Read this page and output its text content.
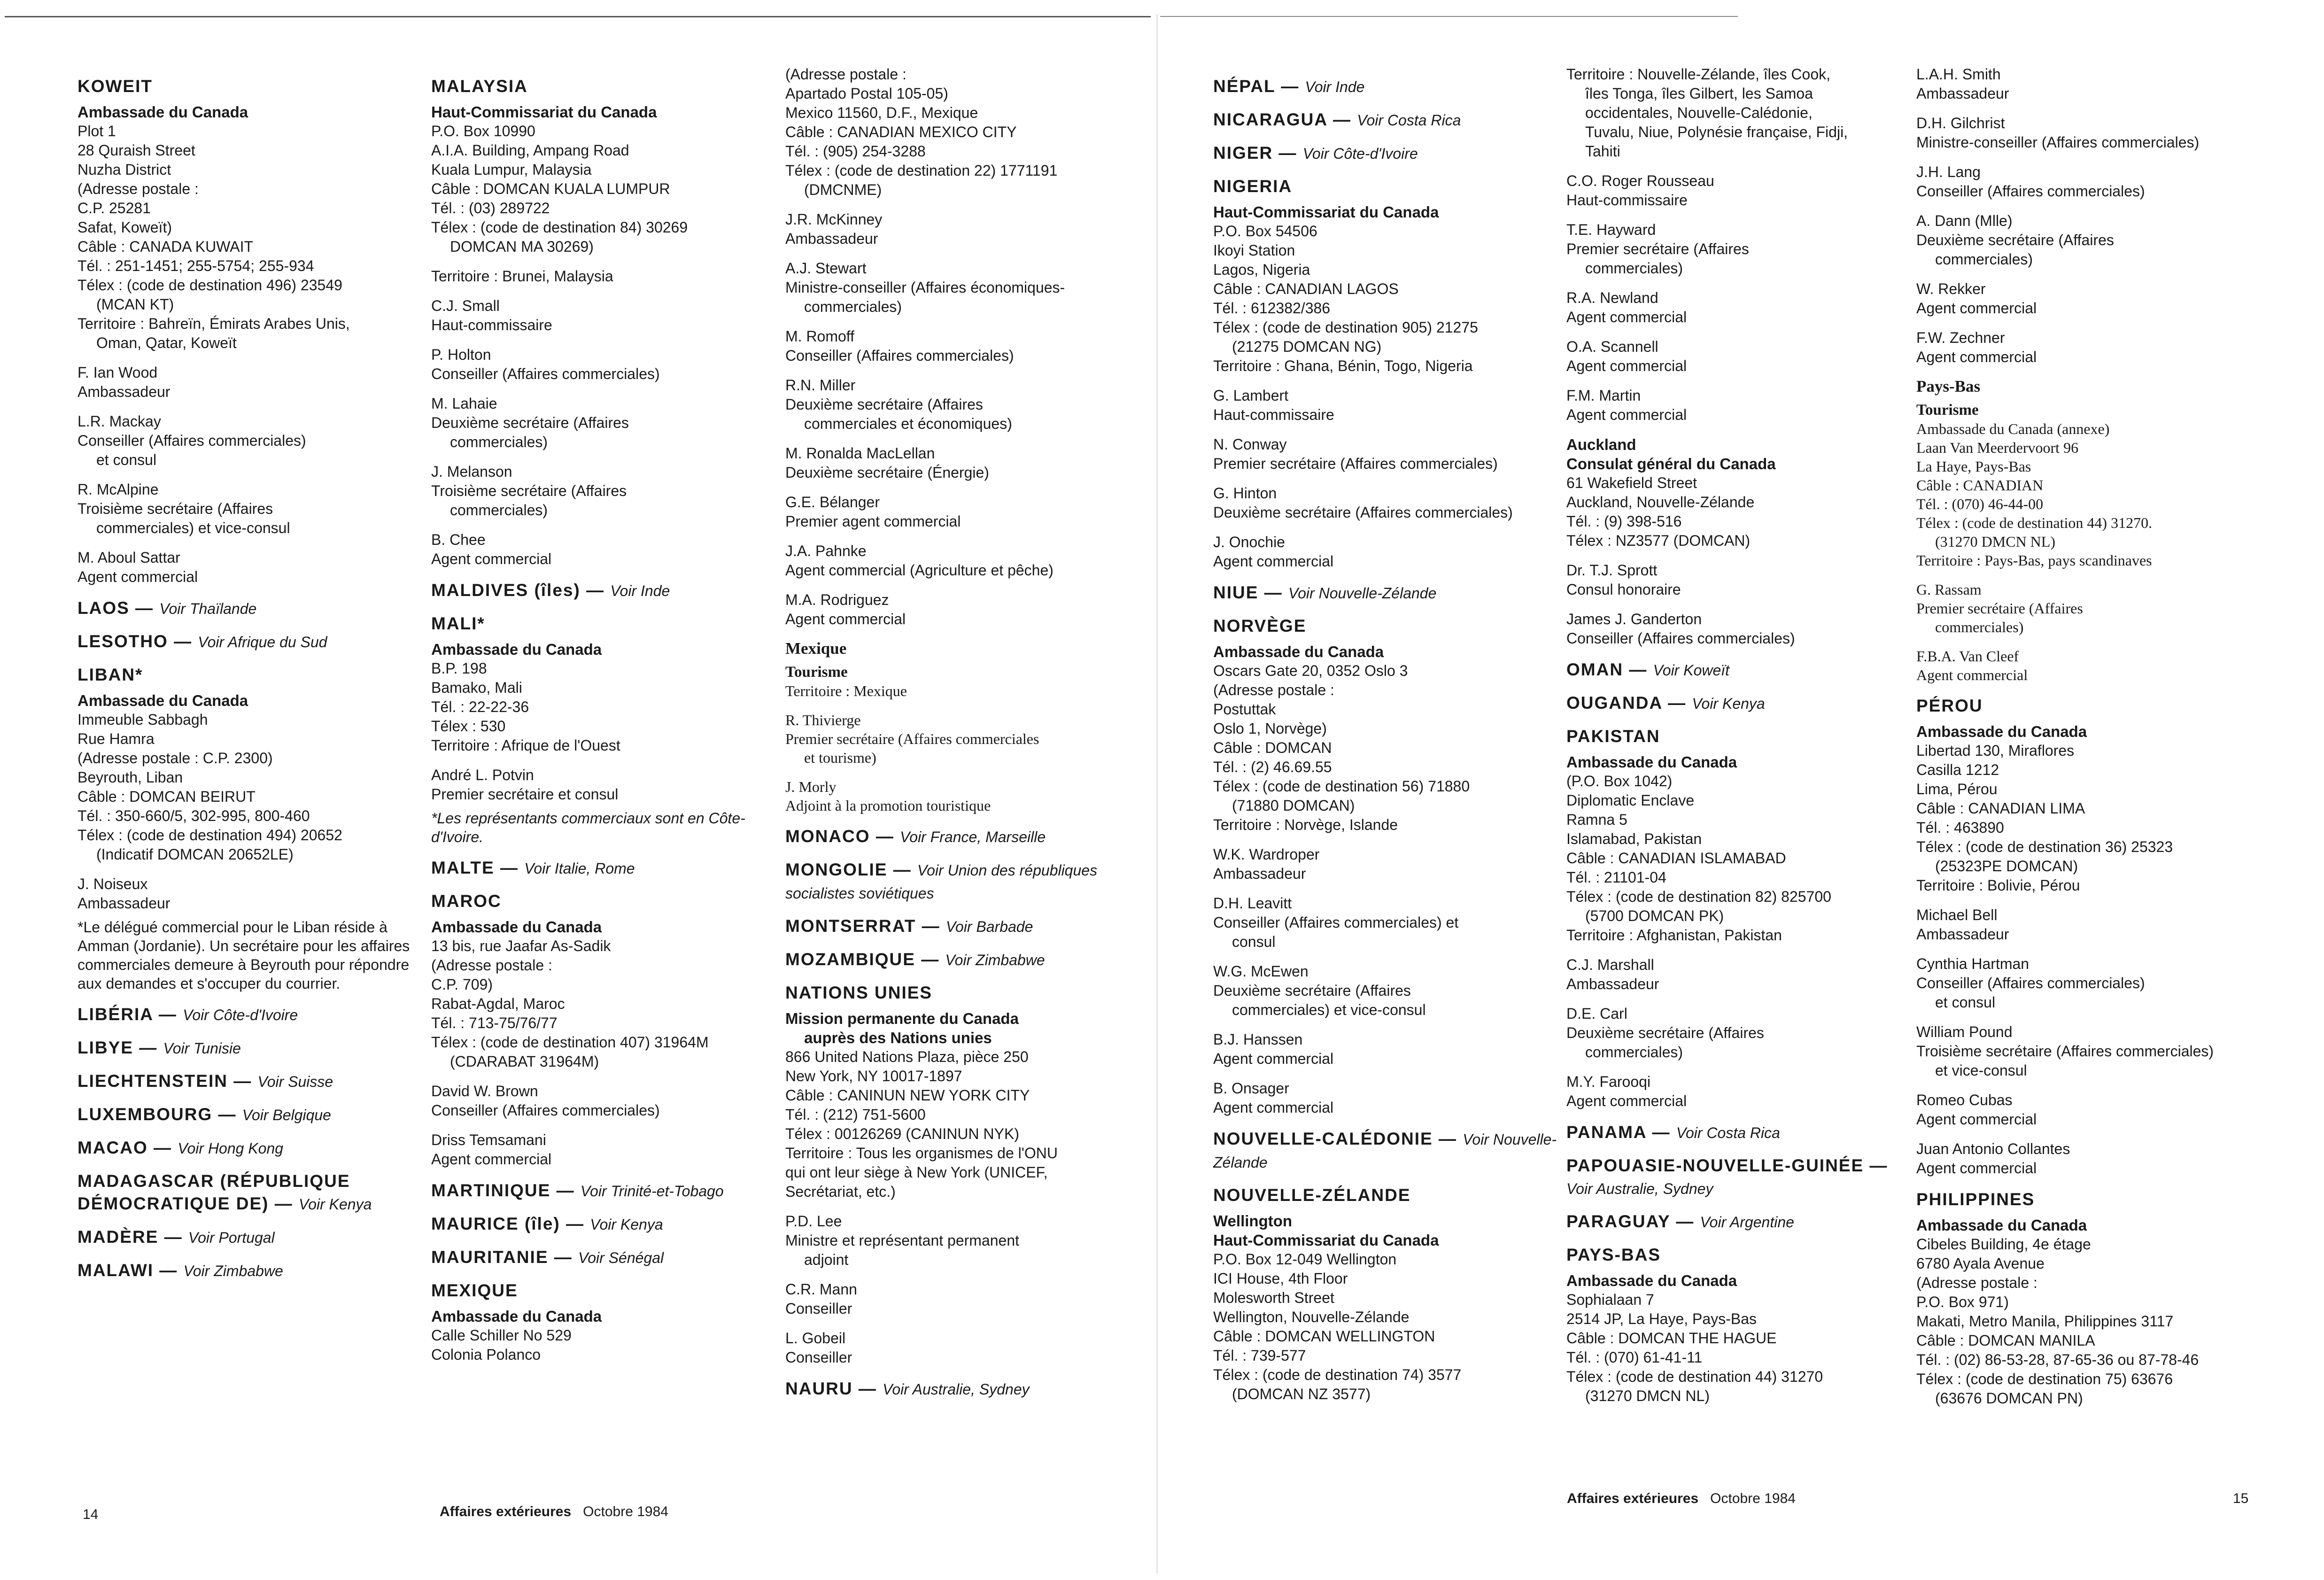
KOWEIT
Ambassade du Canada
Plot 1
28 Quraish Street
Nuzha District
(Adresse postale :
C.P. 25281
Safat, Koweït)
Câble : CANADA KUWAIT
Tél. : 251-1451; 255-5754; 255-934
Télex : (code de destination 496) 23549
(MCAN KT)
Territoire : Bahreïn, Émirats Arabes Unis,
Oman, Qatar, Koweït
F. Ian Wood
Ambassadeur
L.R. Mackay
Conseiller (Affaires commerciales)
et consul
R. McAlpine
Troisième secrétaire (Affaires
commerciales) et vice-consul
M. Aboul Sattar
Agent commercial
LAOS — Voir Thaïlande
LESOTHO — Voir Afrique du Sud
LIBAN*
Ambassade du Canada
Immeuble Sabbagh
Rue Hamra
(Adresse postale : C.P. 2300)
Beyrouth, Liban
Câble : DOMCAN BEIRUT
Tél. : 350-660/5, 302-995, 800-460
Télex : (code de destination 494) 20652
(Indicatif DOMCAN 20652LE)
J. Noiseux
Ambassadeur
*Le délégué commercial pour le Liban réside à Amman (Jordanie). Un secrétaire pour les affaires commerciales demeure à Beyrouth pour répondre aux demandes et s'occuper du courrier.
LIBÉRIA — Voir Côte-d'Ivoire
LIBYE — Voir Tunisie
LIECHTENSTEIN — Voir Suisse
LUXEMBOURG — Voir Belgique
MACAO — Voir Hong Kong
MADAGASCAR (RÉPUBLIQUE DÉMOCRATIQUE DE) — Voir Kenya
MADÈRE — Voir Portugal
MALAWI — Voir Zimbabwe
MALAYSIA
Haut-Commissariat du Canada
P.O. Box 10990
A.I.A. Building, Ampang Road
Kuala Lumpur, Malaysia
Câble : DOMCAN KUALA LUMPUR
Tél. : (03) 289722
Télex : (code de destination 84) 30269
DOMCAN MA 30269)
Territoire : Brunei, Malaysia
C.J. Small
Haut-commissaire
P. Holton
Conseiller (Affaires commerciales)
M. Lahaie
Deuxième secrétaire (Affaires
commerciales)
J. Melanson
Troisième secrétaire (Affaires
commerciales)
B. Chee
Agent commercial
MALDIVES (îles) — Voir Inde
MALI*
Ambassade du Canada
B.P. 198
Bamako, Mali
Tél. : 22-22-36
Télex : 530
Territoire : Afrique de l'Ouest
André L. Potvin
Premier secrétaire et consul
*Les représentants commerciaux sont en Côte-d'Ivoire.
MALTE — Voir Italie, Rome
MAROC
Ambassade du Canada
13 bis, rue Jaafar As-Sadik
(Adresse postale :
C.P. 709)
Rabat-Agdal, Maroc
Tél. : 713-75/76/77
Télex : (code de destination 407) 31964M
(CDARABAT 31964M)
David W. Brown
Conseiller (Affaires commerciales)
Driss Temsamani
Agent commercial
MARTINIQUE — Voir Trinité-et-Tobago
MAURICE (île) — Voir Kenya
MAURITANIE — Voir Sénégal
MEXIQUE
Ambassade du Canada
Calle Schiller No 529
Colonia Polanco
(Adresse postale :
Apartado Postal 105-05)
Mexico 11560, D.F., Mexique
Câble : CANADIAN MEXICO CITY
Tél. : (905) 254-3288
Télex : (code de destination 22) 1771191
(DMCNME)
J.R. McKinney
Ambassadeur
A.J. Stewart
Ministre-conseiller (Affaires économiques-
commerciales)
M. Romoff
Conseiller (Affaires commerciales)
R.N. Miller
Deuxième secrétaire (Affaires
commerciales et économiques)
M. Ronalda MacLellan
Deuxième secrétaire (Énergie)
G.E. Bélanger
Premier agent commercial
J.A. Pahnke
Agent commercial (Agriculture et pêche)
M.A. Rodriguez
Agent commercial
Mexique
Tourisme
Territoire : Mexique
R. Thivierge
Premier secrétaire (Affaires commerciales
et tourisme)
J. Morly
Adjoint à la promotion touristique
MONACO — Voir France, Marseille
MONGOLIE — Voir Union des républiques socialistes soviétiques
MONTSERRAT — Voir Barbade
MOZAMBIQUE — Voir Zimbabwe
NATIONS UNIES
Mission permanente du Canada
auprès des Nations unies
866 United Nations Plaza, pièce 250
New York, NY 10017-1897
Câble : CANINUN NEW YORK CITY
Tél. : (212) 751-5600
Télex : 00126269 (CANINUN NYK)
Territoire : Tous les organismes de l'ONU
qui ont leur siège à New York (UNICEF,
Secrétariat, etc.)
P.D. Lee
Ministre et représentant permanent
adjoint
C.R. Mann
Conseiller
L. Gobeil
Conseiller
NAURU — Voir Australie, Sydney
NÉPAL — Voir Inde
NICARAGUA — Voir Costa Rica
NIGER — Voir Côte-d'Ivoire
NIGERIA
Haut-Commissariat du Canada
P.O. Box 54506
Ikoyi Station
Lagos, Nigeria
Câble : CANADIAN LAGOS
Tél. : 612382/386
Télex : (code de destination 905) 21275
(21275 DOMCAN NG)
Territoire : Ghana, Bénin, Togo, Nigeria
G. Lambert
Haut-commissaire
N. Conway
Premier secrétaire (Affaires commerciales)
G. Hinton
Deuxième secrétaire (Affaires commerciales)
J. Onochie
Agent commercial
NIUE — Voir Nouvelle-Zélande
NORVÈGE
Ambassade du Canada
Oscars Gate 20, 0352 Oslo 3
(Adresse postale :
Postuttak
Oslo 1, Norvège)
Câble : DOMCAN
Tél. : (2) 46.69.55
Télex : (code de destination 56) 71880
(71880 DOMCAN)
Territoire : Norvège, Islande
W.K. Wardroper
Ambassadeur
D.H. Leavitt
Conseiller (Affaires commerciales) et
consul
W.G. McEwen
Deuxième secrétaire (Affaires
commerciales) et vice-consul
B.J. Hanssen
Agent commercial
B. Onsager
Agent commercial
NOUVELLE-CALÉDONIE — Voir Nouvelle-Zélande
NOUVELLE-ZÉLANDE
Wellington
Haut-Commissariat du Canada
P.O. Box 12-049 Wellington
ICI House, 4th Floor
Molesworth Street
Wellington, Nouvelle-Zélande
Câble : DOMCAN WELLINGTON
Tél. : 739-577
Télex : (code de destination 74) 3577
(DOMCAN NZ 3577)
Territoire : Nouvelle-Zélande, îles Cook,
îles Tonga, îles Gilbert, les Samoa
occidentales, Nouvelle-Calédonie,
Tuvalu, Niue, Polynésie française, Fidji,
Tahiti
C.O. Roger Rousseau
Haut-commissaire
T.E. Hayward
Premier secrétaire (Affaires
commerciales)
R.A. Newland
Agent commercial
O.A. Scannell
Agent commercial
F.M. Martin
Agent commercial
Auckland
Consulat général du Canada
61 Wakefield Street
Auckland, Nouvelle-Zélande
Tél. : (9) 398-516
Télex : NZ3577 (DOMCAN)
Dr. T.J. Sprott
Consul honoraire
James J. Ganderton
Conseiller (Affaires commerciales)
OMAN — Voir Koweït
OUGANDA — Voir Kenya
PAKISTAN
Ambassade du Canada
(P.O. Box 1042)
Diplomatic Enclave
Ramna 5
Islamabad, Pakistan
Câble : CANADIAN ISLAMABAD
Tél. : 21101-04
Télex : (code de destination 82) 825700
(5700 DOMCAN PK)
Territoire : Afghanistan, Pakistan
C.J. Marshall
Ambassadeur
D.E. Carl
Deuxième secrétaire (Affaires
commerciales)
M.Y. Farooqi
Agent commercial
PANAMA — Voir Costa Rica
PAPOUASIE-NOUVELLE-GUINÉE — Voir Australie, Sydney
PARAGUAY — Voir Argentine
PAYS-BAS
Ambassade du Canada
Sophialaan 7
2514 JP, La Haye, Pays-Bas
Câble : DOMCAN THE HAGUE
Tél. : (070) 61-41-11
Télex : (code de destination 44) 31270
(31270 DMCN NL)
L.A.H. Smith
Ambassadeur
D.H. Gilchrist
Ministre-conseiller (Affaires commerciales)
J.H. Lang
Conseiller (Affaires commerciales)
A. Dann (Mlle)
Deuxième secrétaire (Affaires
commerciales)
W. Rekker
Agent commercial
F.W. Zechner
Agent commercial
Pays-Bas
Tourisme
Ambassade du Canada (annexe)
Laan Van Meerdervoort 96
La Haye, Pays-Bas
Câble : CANADIAN
Tél. : (070) 46-44-00
Télex : (code de destination 44) 31270.
(31270 DMCN NL)
Territoire : Pays-Bas, pays scandinaves
G. Rassam
Premier secrétaire (Affaires
commerciales)
F.B.A. Van Cleef
Agent commercial
PÉROU
Ambassade du Canada
Libertad 130, Miraflores
Casilla 1212
Lima, Pérou
Câble : CANADIAN LIMA
Tél. : 463890
Télex : (code de destination 36) 25323
(25323PE DOMCAN)
Territoire : Bolivie, Pérou
Michael Bell
Ambassadeur
Cynthia Hartman
Conseiller (Affaires commerciales)
et consul
William Pound
Troisième secrétaire (Affaires commerciales)
et vice-consul
Romeo Cubas
Agent commercial
Juan Antonio Collantes
Agent commercial
PHILIPPINES
Ambassade du Canada
Cibeles Building, 4e étage
6780 Ayala Avenue
(Adresse postale :
P.O. Box 971)
Makati, Metro Manila, Philippines 3117
Câble : DOMCAN MANILA
Tél. : (02) 86-53-28, 87-65-36 ou 87-78-46
Télex : (code de destination 75) 63676
(63676 DOMCAN PN)
14	Affaires extérieures Octobre 1984
Affaires extérieures Octobre 1984	15
